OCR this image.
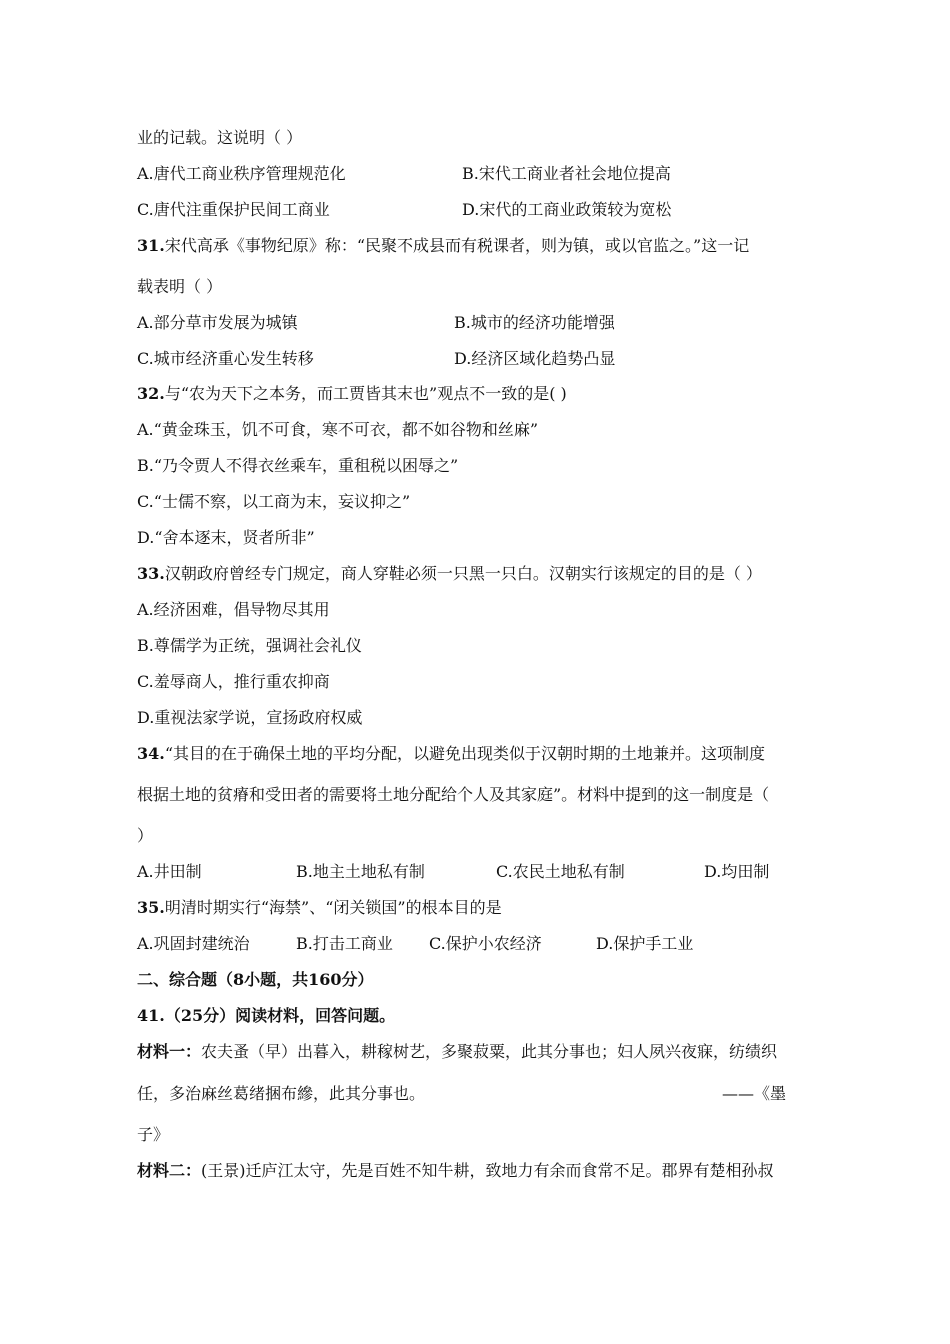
业的记载。这说明（ ）
A.唐代工商业秩序管理规范化	B.宋代工商业者社会地位提高
C.唐代注重保护民间工商业	D.宋代的工商业政策较为宽松
31.宋代高承《事物纪原》称：“民聚不成县而有税课者，则为镇，或以官监之。”这一记
载表明（ ）
A.部分草市发展为城镇	B.城市的经济功能增强
C.城市经济重心发生转移	D.经济区域化趋势凸显
32.与“农为天下之本务，而工贾皆其末也”观点不一致的是( )
A.“黄金珠玉，饥不可食，寒不可衣，都不如谷物和丝麻”
B.“乃令贾人不得衣丝乘车，重租税以困辱之”
C.“士儒不察，以工商为末，妄议抑之”
D.“舍本逐末，贤者所非”
33.汉朝政府曾经专门规定，商人穿鞋必须一只黑一只白。汉朝实行该规定的目的是（ ）
A.经济困难，倡导物尽其用
B.尊儒学为正统，强调社会礼仪
C.羞辱商人，推行重农抑商
D.重视法家学说，宣扬政府权威
34.“其目的在于确保土地的平均分配，以避免出现类似于汉朝时期的土地兼并。这项制度
根据土地的贫瘠和受田者的需要将土地分配给个人及其家庭”。材料中提到的这一制度是（
）
A.井田制	B.地主土地私有制	C.农民土地私有制	D.均田制
35.明清时期实行“海禁”、“闭关锁国”的根本目的是
A.巩固封建统治	B.打击工商业 C.保护小农经济	D.保护手工业
二、综合题（8小题，共160分）
41.（25分）阅读材料，回答问题。
材料一：农夫蚤（早）出暮入，耕稼树艺，多聚菽粟，此其分事也；妇人夙兴夜寐，纺绩织
任，多治麻丝葛绪捆布縿，此其分事也。	——《墨
子》
材料二：(王景)迁庐江太守，先是百姓不知牛耕，致地力有余而食常不足。郡界有楚相孙叔
